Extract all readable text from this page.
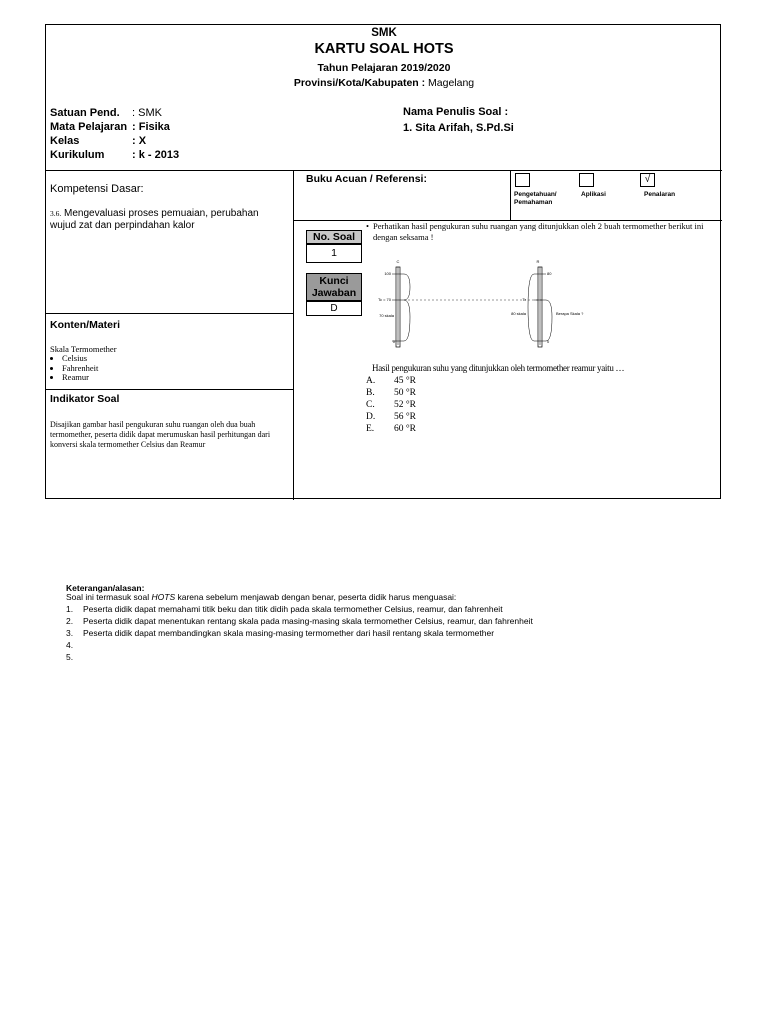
SMK
KARTU SOAL HOTS
Tahun Pelajaran 2019/2020
Provinsi/Kota/Kabupaten : Magelang
Satuan Pend.	: SMK
Mata Pelajaran	: Fisika
Kelas	: X
Kurikulum	: k - 2013
Nama Penulis Soal :
1. Sita Arifah, S.Pd.Si
Kompetensi Dasar:
3.6. Mengevaluasi proses pemuaian, perubahan wujud zat dan perpindahan kalor
Buku Acuan / Referensi:
Pengetahuan/ Pemahaman
Aplikasi
√
Penalaran
No. Soal
1
Kunci Jawaban
D
• Perhatikan hasil pengukuran suhu ruangan yang ditunjukkan oleh 2 buah termomether berikut ini dengan seksama !
C
100
Tc = 70
70 skala
0
R
80
Tr
80 skala
0
Berapa Skala ?
Hasil pengukuran suhu yang ditunjukkan oleh termomether reamur yaitu …
A. 45 °R
B. 50 °R
C. 52 °R
D. 56 °R
E. 60 °R
Konten/Materi
Skala Termomether
• Celsius
• Fahrenheit
• Reamur
Indikator Soal
Disajikan gambar hasil pengukuran suhu ruangan oleh dua buah termomether, peserta didik dapat merumuskan hasil perhitungan dari konversi skala termomether Celsius dan Reamur
Keterangan/alasan:
Soal ini termasuk soal HOTS karena sebelum menjawab dengan benar, peserta didik harus menguasai:
1. Peserta didik dapat memahami titik beku dan titik didih pada skala termomether Celsius, reamur, dan fahrenheit
2. Peserta didik dapat menentukan rentang skala pada masing-masing skala termomether Celsius, reamur, dan fahrenheit
3. Peserta didik dapat membandingkan skala masing-masing termomether dari hasil rentang skala termomether
4.
5.
